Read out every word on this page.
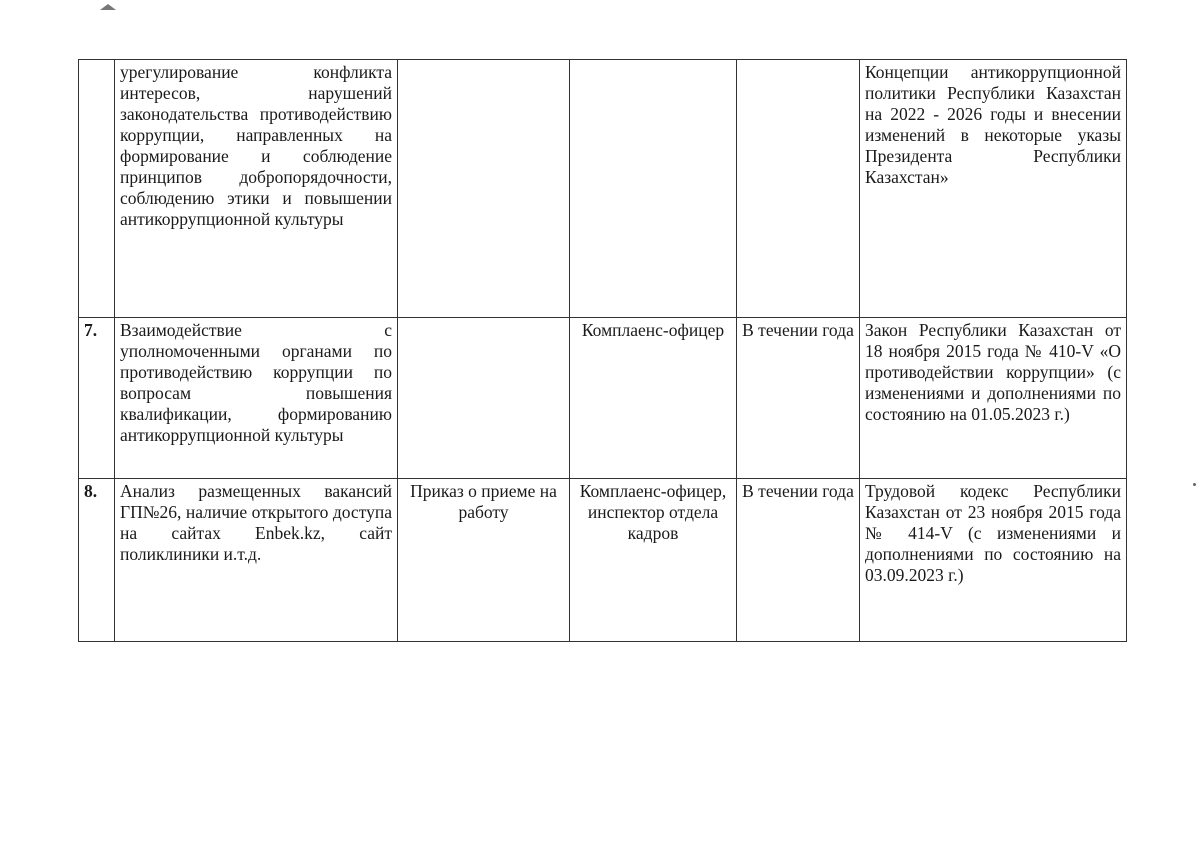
	урегулирование конфликта интересов, нарушений законодательства противодействию коррупции, направленных на формирование и соблюдение принципов добропорядочности, соблюдению этики и повышении антикоррупционной культуры				Концепции антикоррупционной политики Республики Казахстан на 2022 - 2026 годы и внесении изменений в некоторые указы Президента Республики Казахстан»

7.	Взаимодействие с уполномоченными органами по противодействию коррупции по вопросам повышения квалификации, формированию антикоррупционной культуры		Комплаенс-офицер	В течении года	Закон Республики Казахстан от 18 ноября 2015 года № 410-V «О противодействии коррупции» (с изменениями и дополнениями по состоянию на 01.05.2023 г.)

8.	Анализ размещенных вакансий ГП№26, наличие открытого доступа на сайтах Enbek.kz, сайт поликлиники и.т.д.	Приказ о приеме на работу	Комплаенс-офицер, инспектор отдела кадров	В течении года	Трудовой кодекс Республики Казахстан от 23 ноября 2015 года № 414-V (с изменениями и дополнениями по состоянию на 03.09.2023 г.)
